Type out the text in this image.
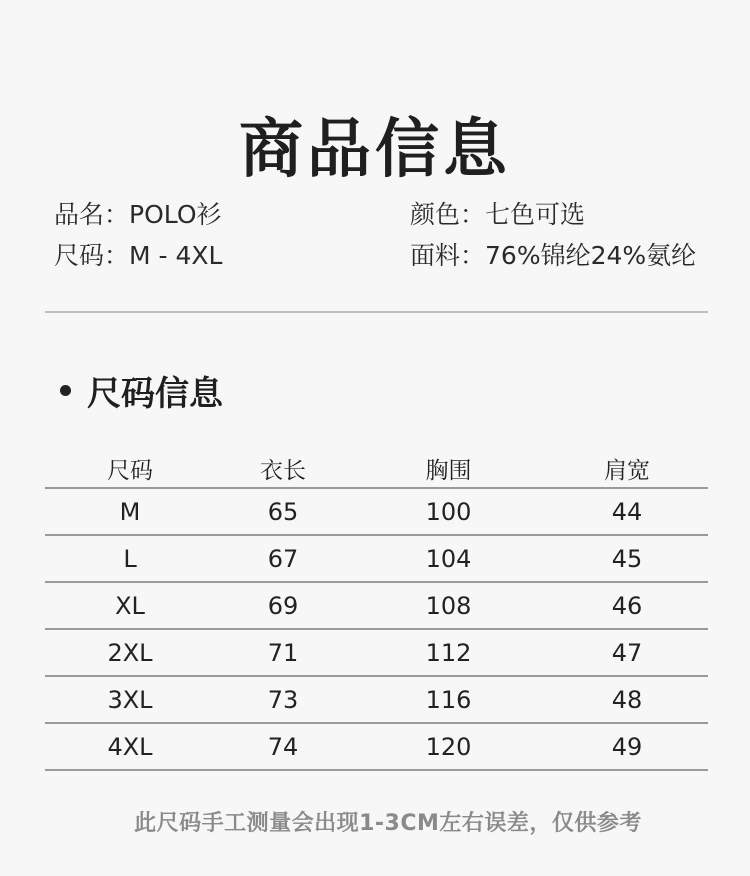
商品信息
品名：POLO衫	颜色：七色可选
尺码：M - 4XL	面料：76%锦纶24%氨纶
尺码信息
尺码	衣长	胸围	肩宽
M	65	100	44
L	67	104	45
XL	69	108	46
2XL	71	112	47
3XL	73	116	48
4XL	74	120	49
此尺码手工测量会出现1-3CM左右误差，仅供参考
